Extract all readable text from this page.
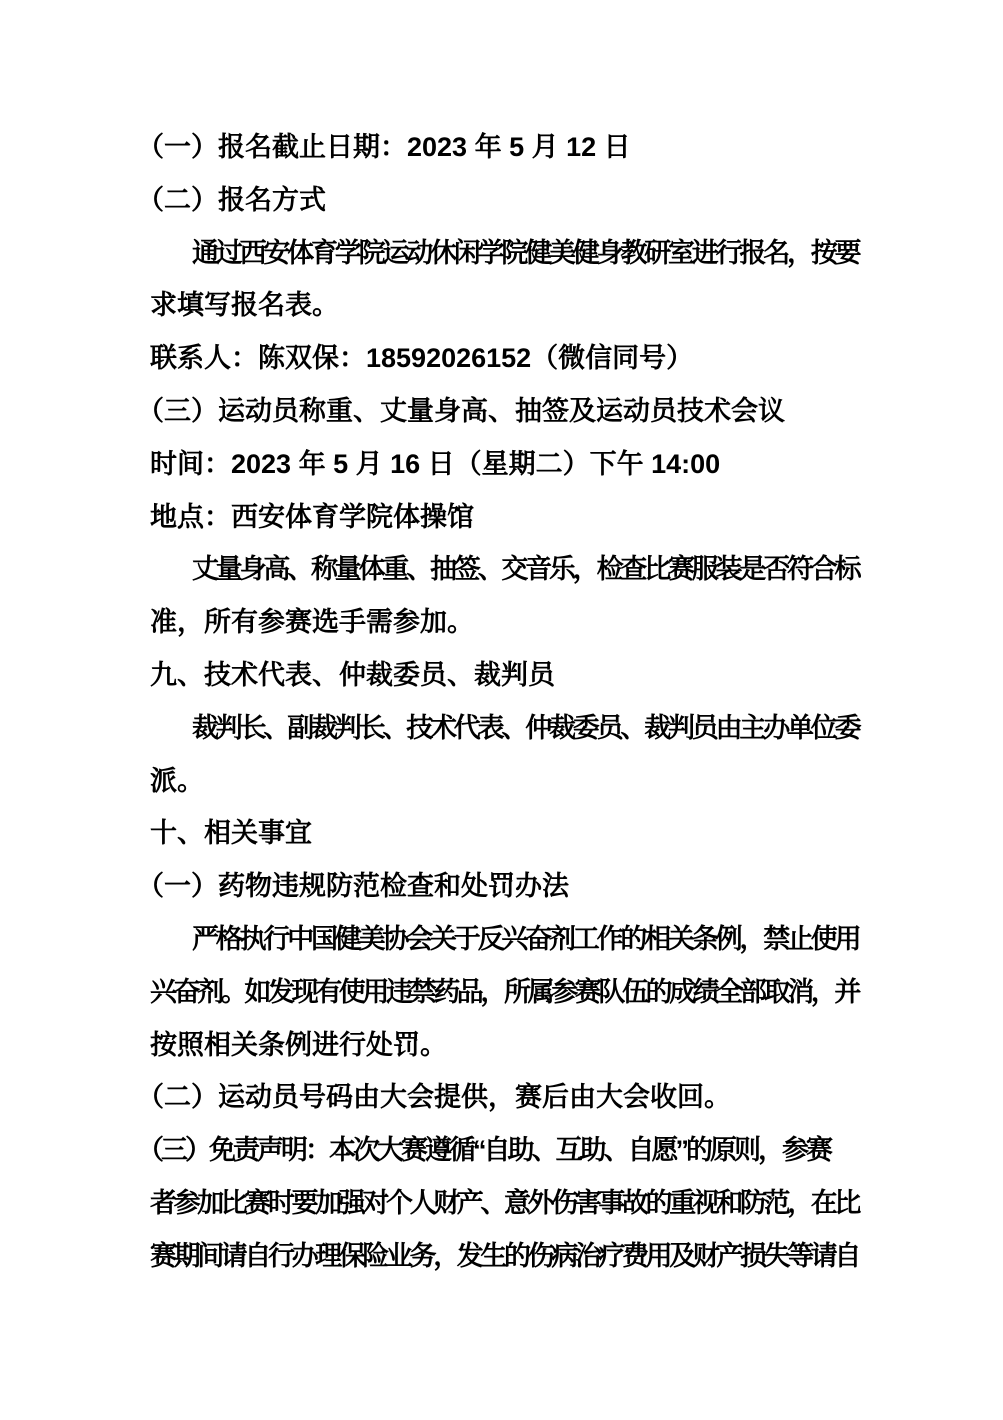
（一）报名截止日期：2023 年 5 月 12 日
（二）报名方式
通过西安体育学院运动休闲学院健美健身教研室进行报名，按要
求填写报名表。
联系人：陈双保：18592026152（微信同号）
（三）运动员称重、丈量身高、抽签及运动员技术会议
时间：2023 年 5 月 16 日（星期二）下午 14:00
地点：西安体育学院体操馆
丈量身高、称量体重、抽签、交音乐，检查比赛服装是否符合标
准，所有参赛选手需参加。
九、技术代表、仲裁委员、裁判员
裁判长、副裁判长、技术代表、仲裁委员、裁判员由主办单位委
派。
十、相关事宜
（一）药物违规防范检查和处罚办法
严格执行中国健美协会关于反兴奋剂工作的相关条例，禁止使用
兴奋剂。如发现有使用违禁药品，所属参赛队伍的成绩全部取消，并
按照相关条例进行处罚。
（二）运动员号码由大会提供，赛后由大会收回。
（三）免责声明：本次大赛遵循“自助、互助、自愿”的原则，参赛
者参加比赛时要加强对个人财产、意外伤害事故的重视和防范，在比
赛期间请自行办理保险业务，发生的伤病治疗费用及财产损失等请自
